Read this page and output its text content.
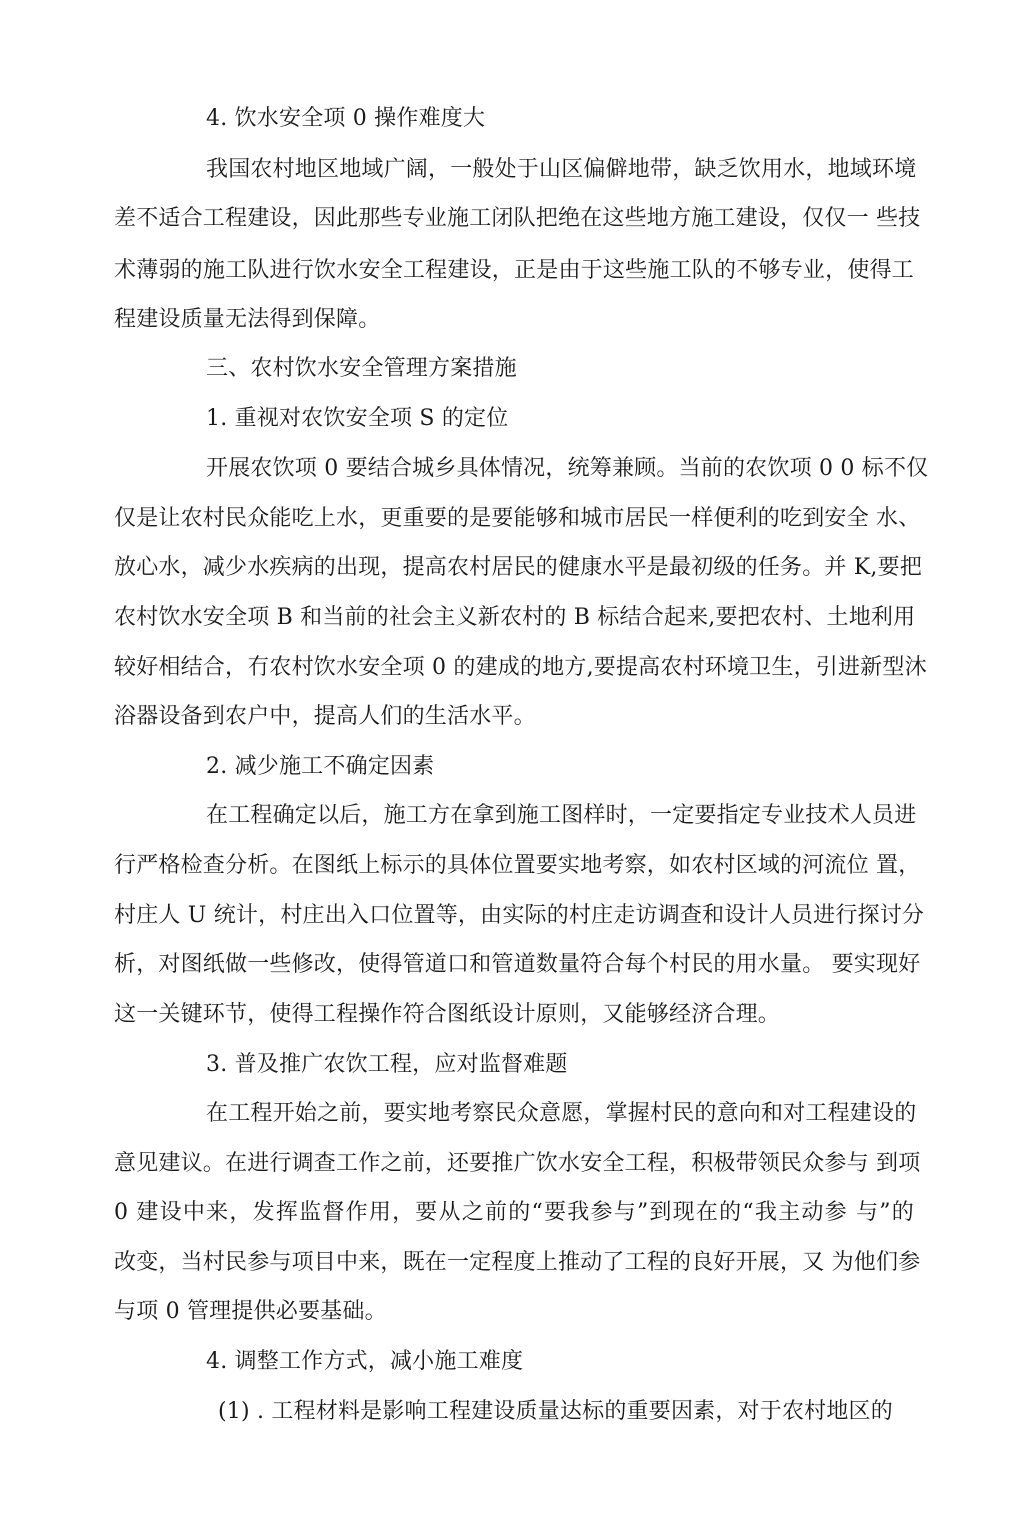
4. 饮水安全项 0 操作难度大
我国农村地区地域广阔，一般处于山区偏僻地带，缺乏饮用水，地域环境
差不适合工程建设，因此那些专业施工闭队把绝在这些地方施工建设，仅仅一 些技
术薄弱的施工队进行饮水安全工程建设，正是由于这些施工队的不够专业，使得工
程建设质量无法得到保障。
三、农村饮水安全管理方案措施
1. 重视对农饮安全项 S 的定位
开展农饮项 0 要结合城乡具体情况，统筹兼顾。当前的农饮项 0 0 标不仅
仅是让农村民众能吃上水，更重要的是要能够和城市居民一样便利的吃到安全 水、
放心水，减少水疾病的出现，提高农村居民的健康水平是最初级的任务。并 K,要把
农村饮水安全项 B 和当前的社会主义新农村的 B 标结合起来,要把农村、土地利用
较好相结合，冇农村饮水安全项 0 的建成的地方,要提高农村环境卫生，引进新型沐
浴器设备到农户中，提高人们的生活水平。
2. 减少施工不确定因素
在工程确定以后，施工方在拿到施工图样时，一定要指定专业技术人员进
行严格检查分析。在图纸上标示的具体位置要实地考察，如农村区域的河流位 置，
村庄人 U 统计，村庄出入口位置等，由实际的村庄走访调查和设计人员进行探讨分
析，对图纸做一些修改，使得管道口和管道数量符合每个村民的用水量。 要实现好
这一关键环节，使得工程操作符合图纸设计原则，又能够经济合理。
3. 普及推广农饮工程，应对监督难题
在工程开始之前，要实地考察民众意愿，掌握村民的意向和对工程建设的
意见建议。在进行调查工作之前，还要推广饮水安全工程，积极带领民众参与 到项
0 建设中来，发挥监督作用，要从之前的“要我参与”到现在的“我主动参 与”的
改变，当村民参与项目中来，既在一定程度上推动了工程的良好开展，又 为他们参
与项 0 管理提供必要基础。
4. 调整工作方式，减小施工难度
(1) . 工程材料是影响工程建设质量达标的重要因素，对于农村地区的
